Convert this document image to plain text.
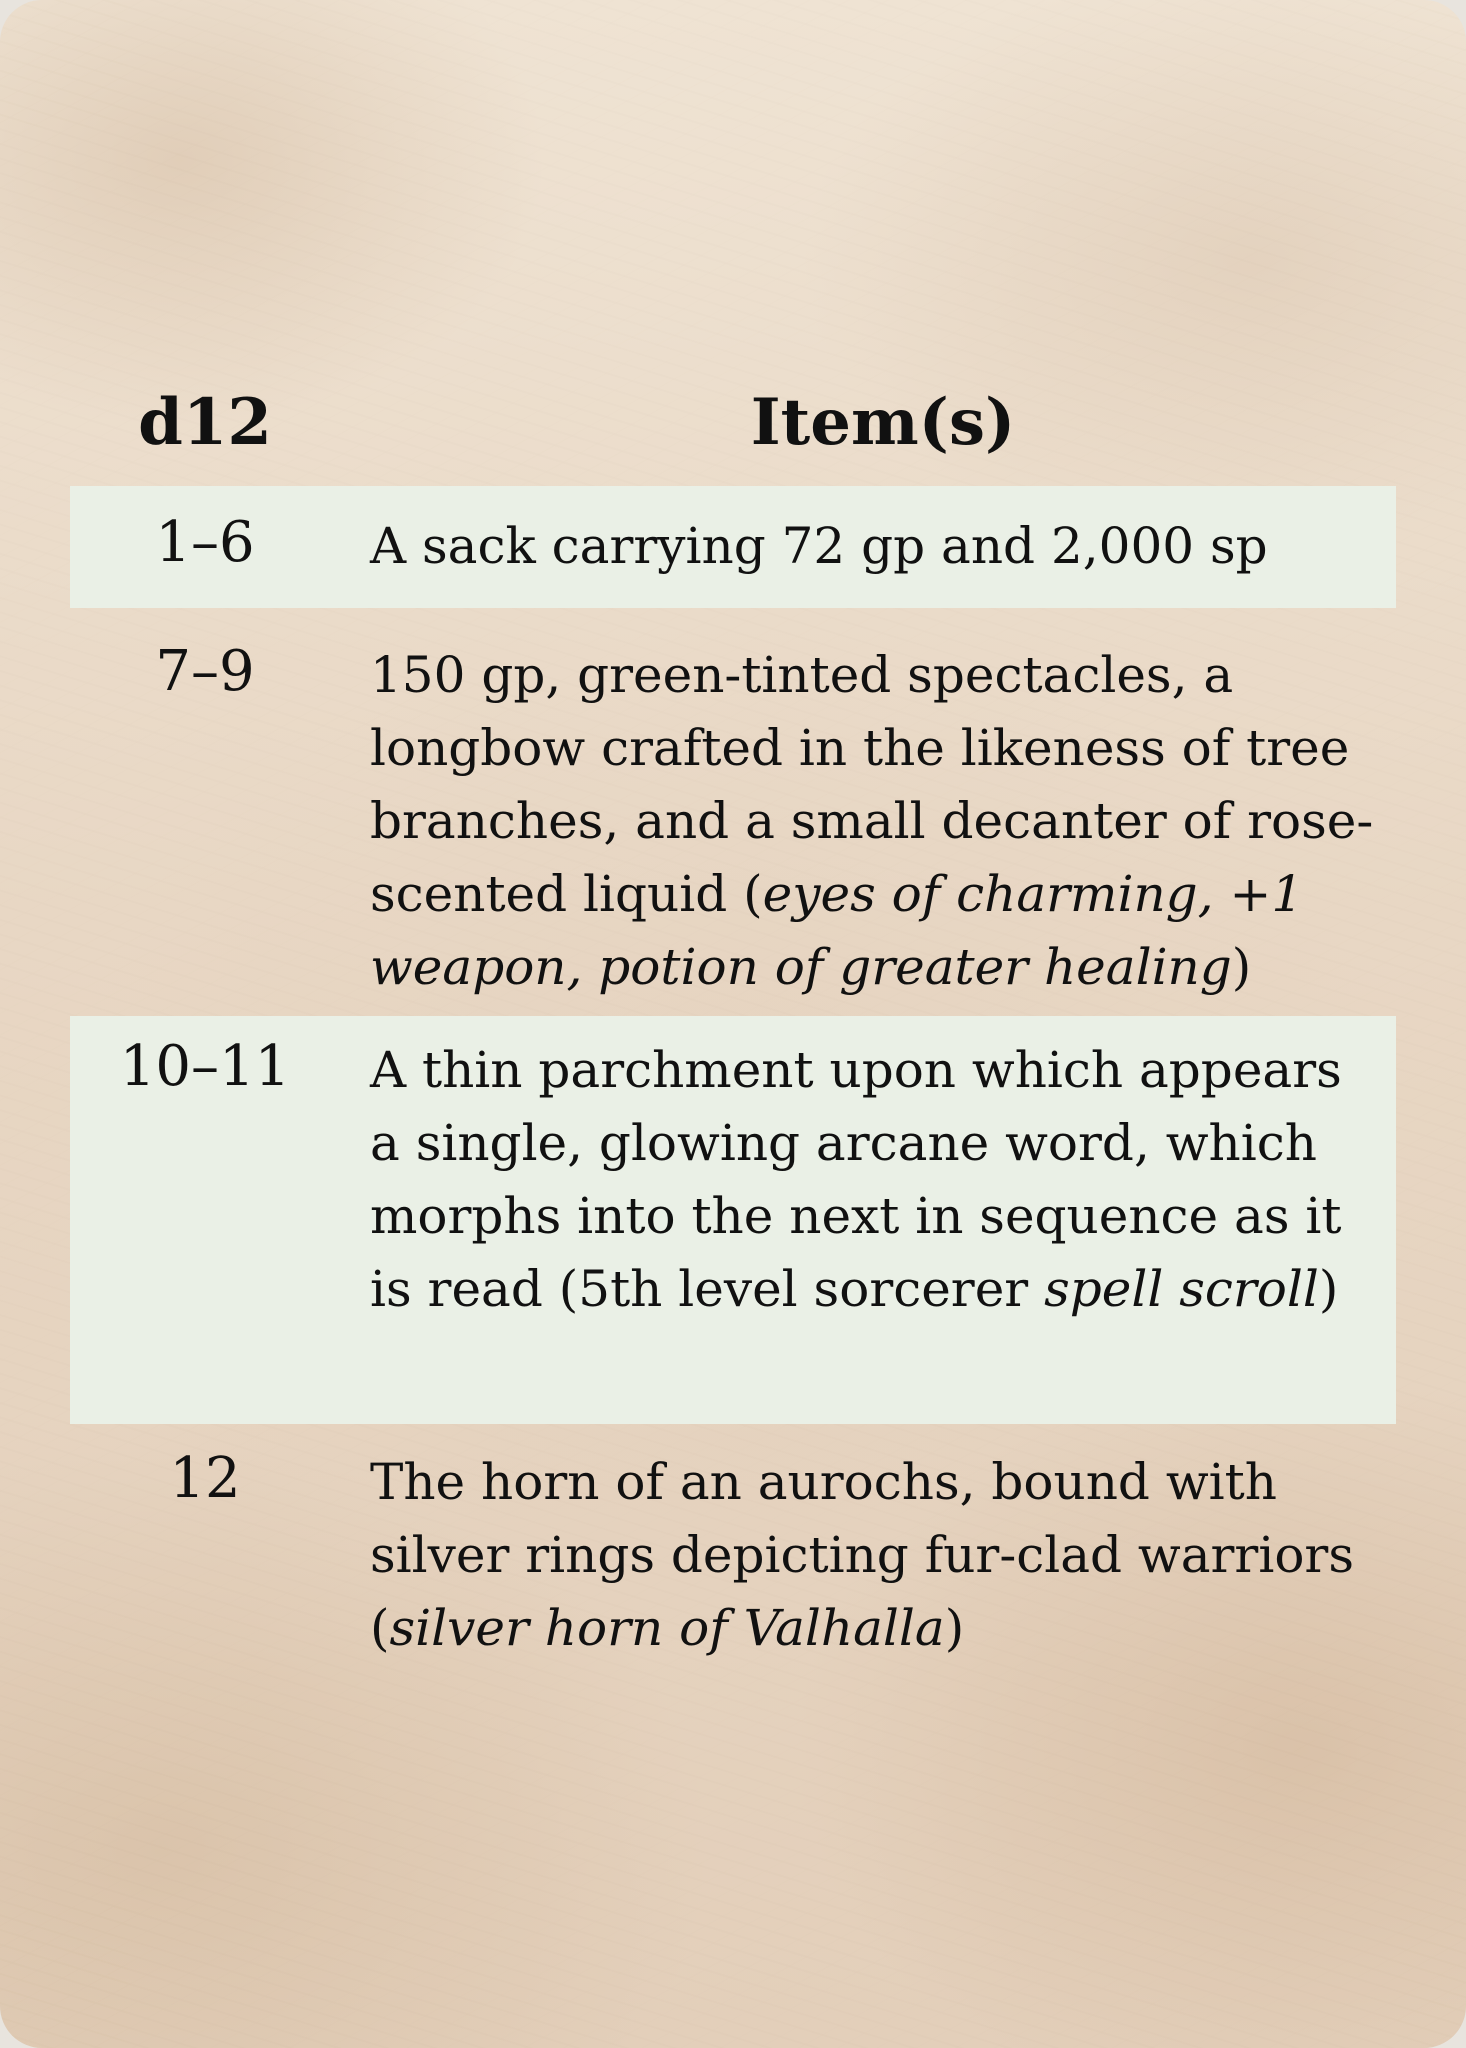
d12	Item(s)
1–6	A sack carrying 72 gp and 2,000 sp
7–9	150 gp, green-tinted spectacles, a longbow crafted in the likeness of tree branches, and a small decanter of rose-scented liquid (eyes of charming, +1 weapon, potion of greater healing)
10–11	A thin parchment upon which appears a single, glowing arcane word, which morphs into the next in sequence as it is read (5th level sorcerer spell scroll)
12	The horn of an aurochs, bound with silver rings depicting fur-clad warriors (silver horn of Valhalla)
